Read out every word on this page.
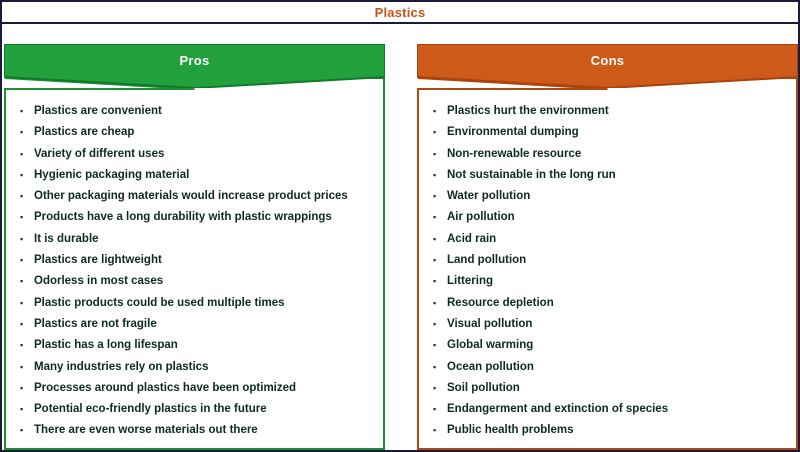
Plastics
Pros
▪ Plastics are convenient
▪ Plastics are cheap
▪ Variety of different uses
▪ Hygienic packaging material
▪ Other packaging materials would increase product prices
▪ Products have a long durability with plastic wrappings
▪ It is durable
▪ Plastics are lightweight
▪ Odorless in most cases
▪ Plastic products could be used multiple times
▪ Plastics are not fragile
▪ Plastic has a long lifespan
▪ Many industries rely on plastics
▪ Processes around plastics have been optimized
▪ Potential eco-friendly plastics in the future
▪ There are even worse materials out there
Cons
▪ Plastics hurt the environment
▪ Environmental dumping
▪ Non-renewable resource
▪ Not sustainable in the long run
▪ Water pollution
▪ Air pollution
▪ Acid rain
▪ Land pollution
▪ Littering
▪ Resource depletion
▪ Visual pollution
▪ Global warming
▪ Ocean pollution
▪ Soil pollution
▪ Endangerment and extinction of species
▪ Public health problems
